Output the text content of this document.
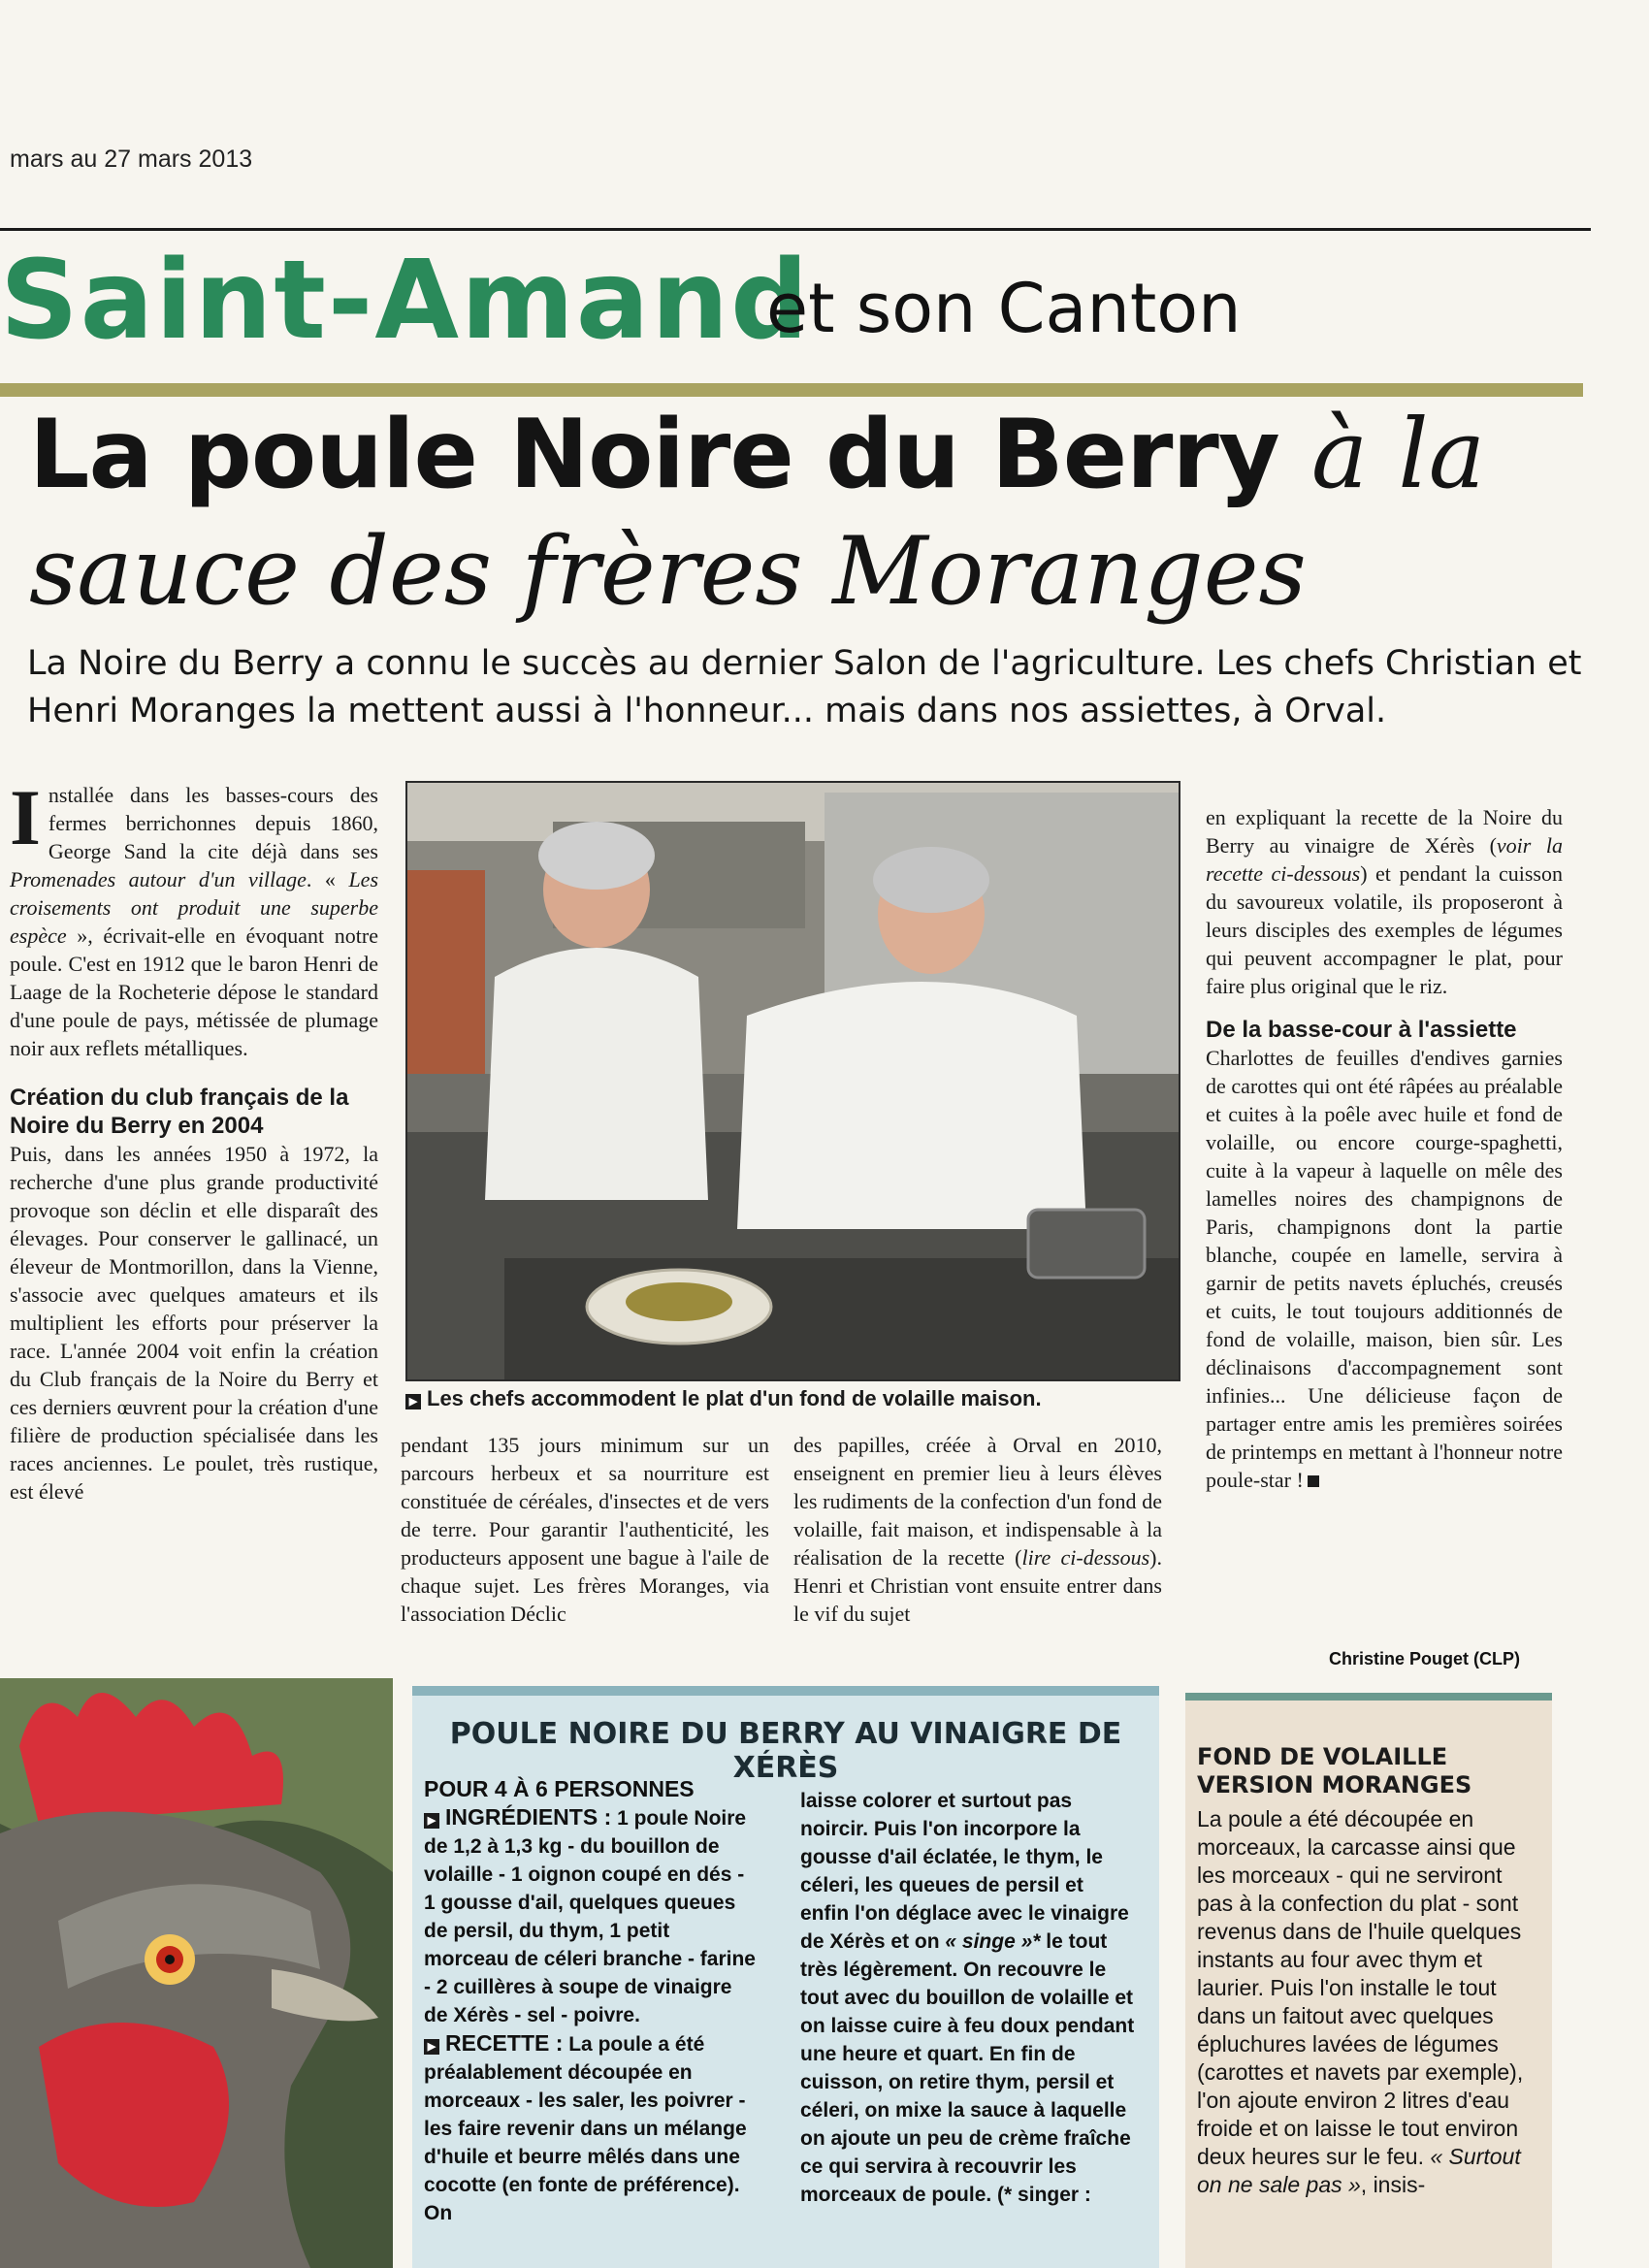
mars au 27 mars 2013
Saint-Amand
et son Canton
La poule Noire du Berry à la
sauce des frères Moranges
La Noire du Berry a connu le succès au dernier Salon de l'agriculture. Les chefs Christian et Henri Moranges la mettent aussi à l'honneur... mais dans nos assiettes, à Orval.

Installée dans les basses-cours des fermes berrichonnes depuis 1860, George Sand la cite déjà dans ses Promenades autour d'un village. « Les croisements ont produit une superbe espèce », écrivait-elle en évoquant notre poule. C'est en 1912 que le baron Henri de Laage de la Rocheterie dépose le standard d'une poule de pays, métissée de plumage noir aux reflets métalliques.

Création du club français de la Noire du Berry en 2004

Puis, dans les années 1950 à 1972, la recherche d'une plus grande productivité provoque son déclin et elle disparaît des élevages. Pour conserver le gallinacé, un éleveur de Montmorillon, dans la Vienne, s'associe avec quelques amateurs et ils multiplient les efforts pour préserver la race. L'année 2004 voit enfin la création du Club français de la Noire du Berry et ces derniers œuvrent pour la création d'une filière de production spécialisée dans les races anciennes. Le poulet, très rustique, est élevé

▶ Les chefs accommodent le plat d'un fond de volaille maison.

pendant 135 jours minimum sur un parcours herbeux et sa nourriture est constituée de céréales, d'insectes et de vers de terre. Pour garantir l'authenticité, les producteurs apposent une bague à l'aile de chaque sujet. Les frères Moranges, via l'association Déclic

des papilles, créée à Orval en 2010, enseignent en premier lieu à leurs élèves les rudiments de la confection d'un fond de volaille, fait maison, et indispensable à la réalisation de la recette (lire ci-dessous). Henri et Christian vont ensuite entrer dans le vif du sujet

en expliquant la recette de la Noire du Berry au vinaigre de Xérès (voir la recette ci-dessous) et pendant la cuisson du savoureux volatile, ils proposeront à leurs disciples des exemples de légumes qui peuvent accompagner le plat, pour faire plus original que le riz.

De la basse-cour à l'assiette

Charlottes de feuilles d'endives garnies de carottes qui ont été râpées au préalable et cuites à la poêle avec huile et fond de volaille, ou encore courge-spaghetti, cuite à la vapeur à laquelle on mêle des lamelles noires des champignons de Paris, champignons dont la partie blanche, coupée en lamelle, servira à garnir de petits navets épluchés, creusés et cuits, le tout toujours additionnés de fond de volaille, maison, bien sûr. Les déclinaisons d'accompagnement sont infinies... Une délicieuse façon de partager entre amis les premières soirées de printemps en mettant à l'honneur notre poule-star !

Christine Pouget (CLP)
POULE NOIRE DU BERRY AU VINAIGRE DE XÉRÈS
POUR 4 À 6 PERSONNES
▶ INGRÉDIENTS : 1 poule Noire de 1,2 à 1,3 kg - du bouillon de volaille - 1 oignon coupé en dés - 1 gousse d'ail, quelques queues de persil, du thym, 1 petit morceau de céleri branche - farine - 2 cuillères à soupe de vinaigre de Xérès - sel - poivre.
▶ RECETTE : La poule a été préalablement découpée en morceaux - les saler, les poivrer - les faire revenir dans un mélange d'huile et beurre mêlés dans une cocotte (en fonte de préférence). On
laisse colorer et surtout pas noircir. Puis l'on incorpore la gousse d'ail éclatée, le thym, le céleri, les queues de persil et enfin l'on déglace avec le vinaigre de Xérès et on « singe »* le tout très légèrement. On recouvre le tout avec du bouillon de volaille et on laisse cuire à feu doux pendant une heure et quart. En fin de cuisson, on retire thym, persil et céleri, on mixe la sauce à laquelle on ajoute un peu de crème fraîche ce qui servira à recouvrir les morceaux de poule. (* singer :
FOND DE VOLAILLE
VERSION MORANGES
La poule a été découpée en morceaux, la carcasse ainsi que les morceaux - qui ne serviront pas à la confection du plat - sont revenus dans de l'huile quelques instants au four avec thym et laurier. Puis l'on installe le tout dans un faitout avec quelques épluchures lavées de légumes (carottes et navets par exemple), l'on ajoute environ 2 litres d'eau froide et on laisse le tout environ deux heures sur le feu. « Surtout on ne sale pas », insis-
